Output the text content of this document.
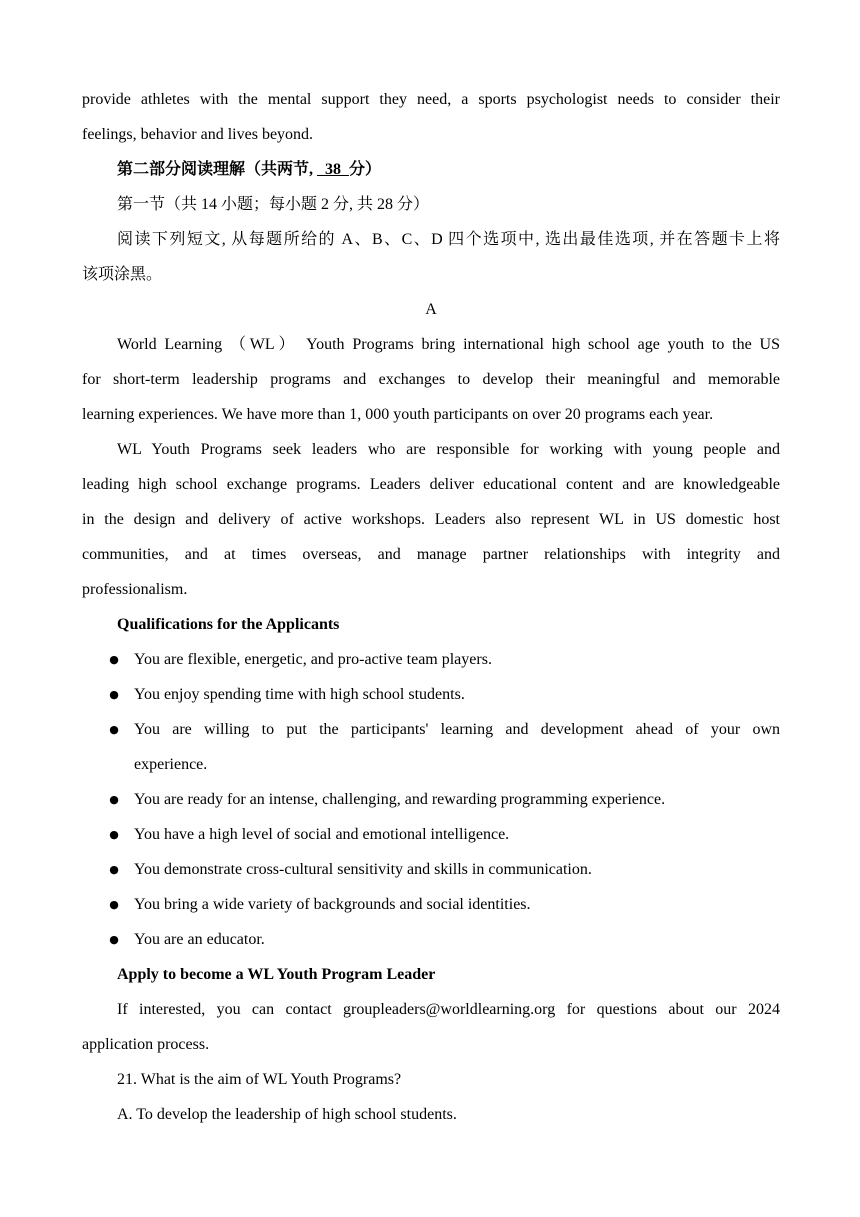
provide athletes with the mental support they need, a sports psychologist needs to consider their
feelings, behavior and lives beyond.
第二部分阅读理解（共两节,   38 分）
第一节（共 14 小题；每小题 2 分, 共 28 分）
阅读下列短文, 从每题所给的 A、B、C、D 四个选项中, 选出最佳选项, 并在答题卡上将
该项涂黑。
A
World Learning （WL） Youth Programs bring international high school age youth to the US
for short-term leadership programs and exchanges to develop their meaningful and memorable
learning experiences. We have more than 1, 000 youth participants on over 20 programs each year.
WL Youth Programs seek leaders who are responsible for working with young people and
leading high school exchange programs. Leaders deliver educational content and are knowledgeable
in the design and delivery of active workshops. Leaders also represent WL in US domestic host
communities, and at times overseas, and manage partner relationships with integrity and
professionalism.
Qualifications for the Applicants
● You are flexible, energetic, and pro-active team players.
● You enjoy spending time with high school students.
● You are willing to put the participants' learning and development ahead of your own
experience.
● You are ready for an intense, challenging, and rewarding programming experience.
● You have a high level of social and emotional intelligence.
● You demonstrate cross-cultural sensitivity and skills in communication.
● You bring a wide variety of backgrounds and social identities.
● You are an educator.
Apply to become a WL Youth Program Leader
If interested, you can contact groupleaders@worldlearning.org for questions about our 2024
application process.
21. What is the aim of WL Youth Programs?
A. To develop the leadership of high school students.
